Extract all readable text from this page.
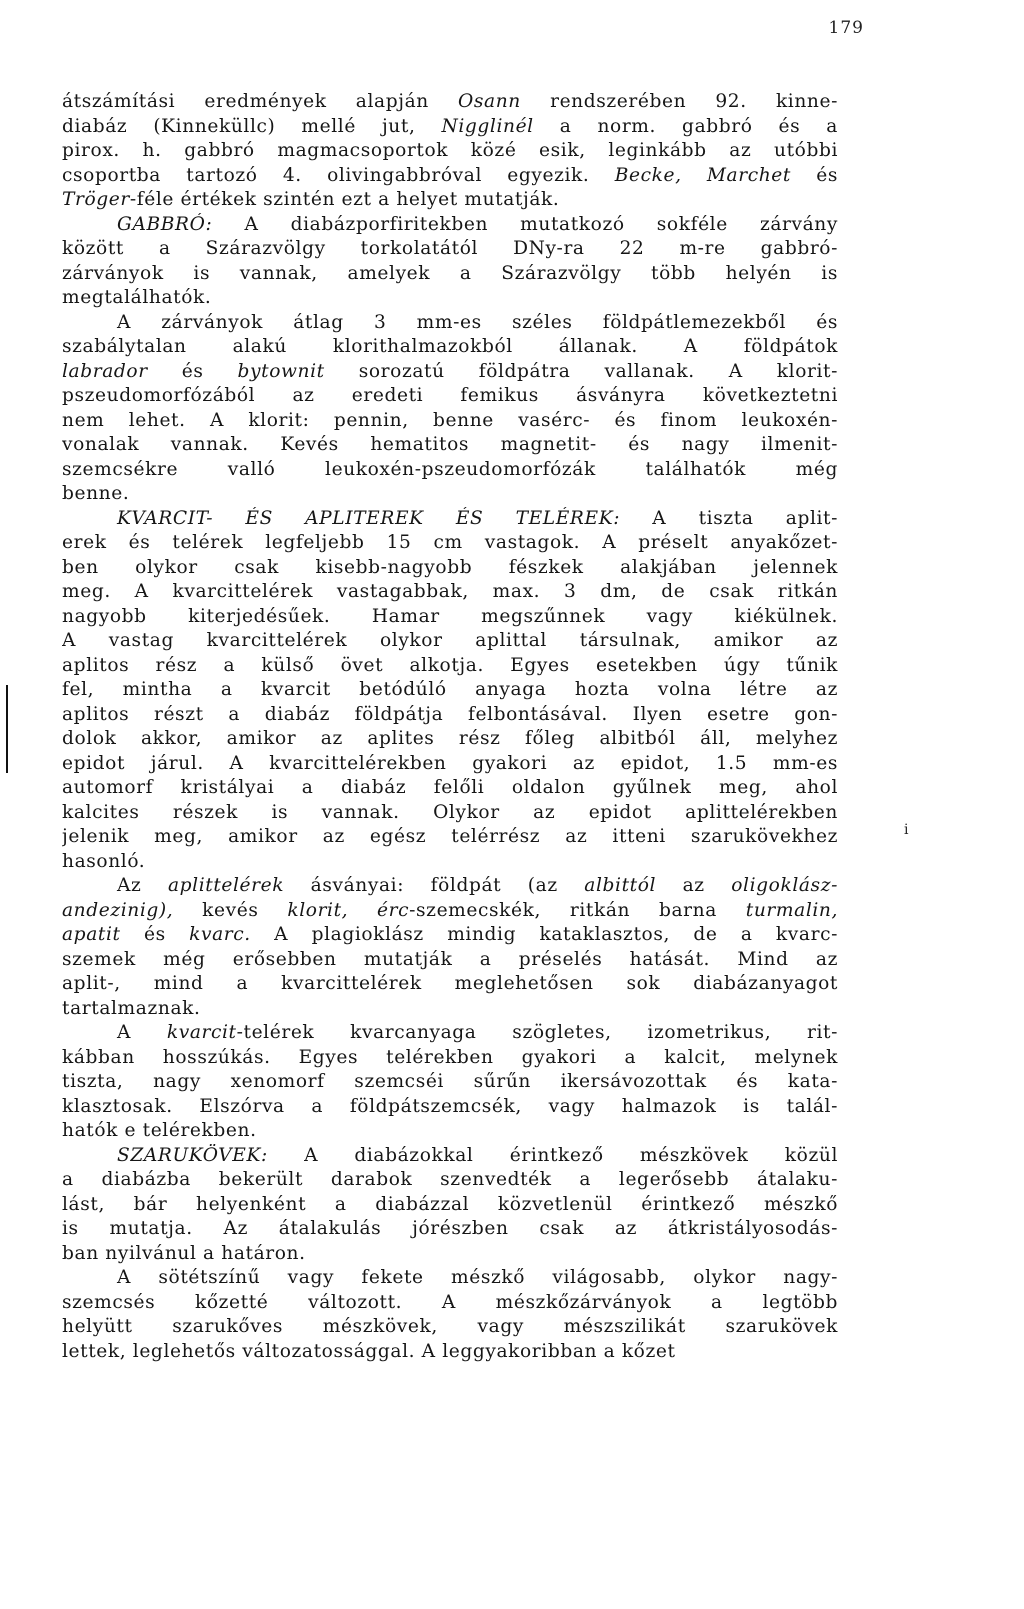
179
átszámítási eredmények alapján Osann rendszerében 92. kinne-
diabáz (Kinneküllc) mellé jut, Nigglinél a norm. gabbró és a
pirox. h. gabbró magmacsoportok közé esik, leginkább az utóbbi
csoportba tartozó 4. olivingabbróval egyezik. Becke, Marchet és
Tröger-féle értékek szintén ezt a helyet mutatják.
GABBRÓ: A diabázporfiritekben mutatkozó sokféle zárvány
között a Szárazvölgy torkolatától DNy-ra 22 m-re gabbró-
zárványok is vannak, amelyek a Szárazvölgy több helyén is
megtalálhatók.
A zárványok átlag 3 mm-es széles földpátlemezekből és
szabálytalan alakú klorithalmazokból állanak. A földpátok
labrador és bytownit sorozatú földpátra vallanak. A klorit-
pszeudomorfózából az eredeti femikus ásványra következtetni
nem lehet. A klorit: pennin, benne vasérc- és finom leukoxén-
vonalak vannak. Kevés hematitos magnetit- és nagy ilmenit-
szemcsékre valló leukoxén-pszeudomorfózák találhatók még
benne.
KVARCIT- ÉS APLITEREK ÉS TELÉREK: A tiszta aplit-
erek és telérek legfeljebb 15 cm vastagok. A préselt anyakőzet-
ben olykor csak kisebb-nagyobb fészkek alakjában jelennek
meg. A kvarcittelérek vastagabbak, max. 3 dm, de csak ritkán
nagyobb kiterjedésűek. Hamar megszűnnek vagy kiékülnek.
A vastag kvarcittelérek olykor aplittal társulnak, amikor az
aplitos rész a külső övet alkotja. Egyes esetekben úgy tűnik
fel, mintha a kvarcit betódúló anyaga hozta volna létre az
aplitos részt a diabáz földpátja felbontásával. Ilyen esetre gon-
dolok akkor, amikor az aplites rész főleg albitból áll, melyhez
epidot járul. A kvarcittelérekben gyakori az epidot, 1.5 mm-es
automorf kristályai a diabáz felőli oldalon gyűlnek meg, ahol
kalcites részek is vannak. Olykor az epidot aplittelérekben
jelenik meg, amikor az egész telérrész az itteni szarukövekhez
hasonló.
Az aplittelérek ásványai: földpát (az albittól az oligoklász-
andezinig), kevés klorit, érc-szemecskék, ritkán barna turmalin,
apatit és kvarc. A plagioklász mindig kataklasztos, de a kvarc-
szemek még erősebben mutatják a préselés hatását. Mind az
aplit-, mind a kvarcittelérek meglehetősen sok diabázanyagot
tartalmaznak.
A kvarcit-telérek kvarcanyaga szögletes, izometrikus, rit-
kábban hosszúkás. Egyes telérekben gyakori a kalcit, melynek
tiszta, nagy xenomorf szemcséi sűrűn ikersávozottak és kata-
klasztosak. Elszórva a földpátszemcsék, vagy halmazok is talál-
hatók e telérekben.
SZARUKÖVEK: A diabázokkal érintkező mészkövek közül
a diabázba bekerült darabok szenvedték a legerősebb átalaku-
lást, bár helyenként a diabázzal közvetlenül érintkező mészkő
is mutatja. Az átalakulás jórészben csak az átkristályosodás-
ban nyilvánul a határon.
A sötétszínű vagy fekete mészkő világosabb, olykor nagy-
szemcsés kőzetté változott. A mészkőzárványok a legtöbb
helyütt szarukőves mészkövek, vagy mészszilikát szarukövek
lettek, leglehetős változatossággal. A leggyakoribban a kőzet
i
